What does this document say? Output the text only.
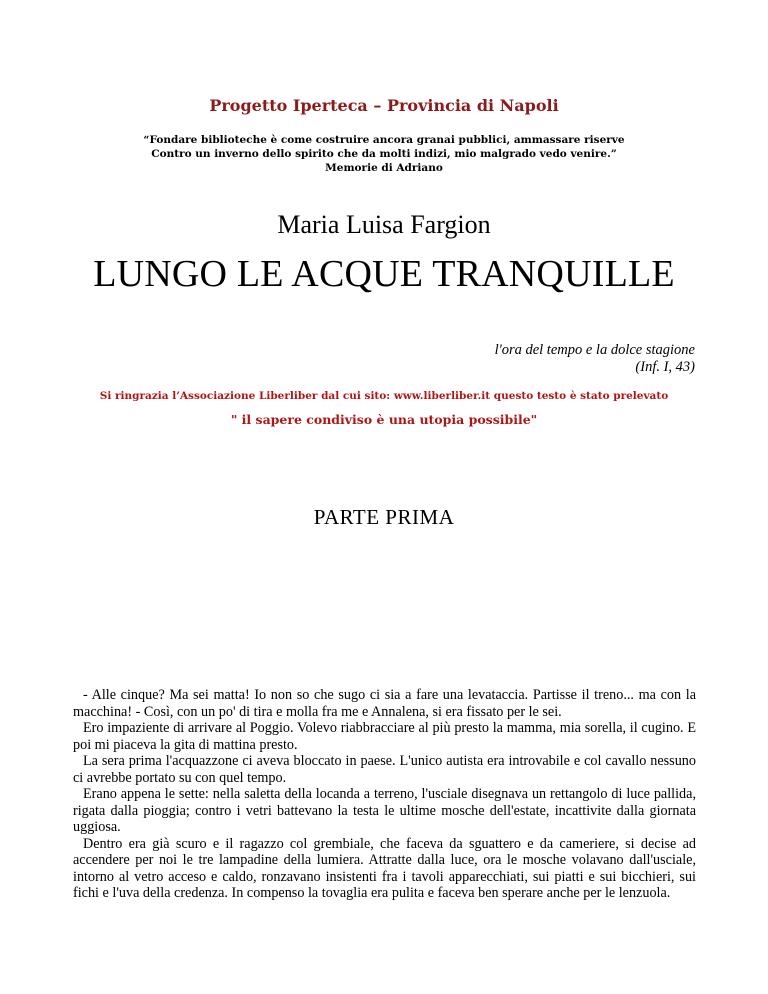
Progetto Iperteca – Provincia di Napoli
“Fondare biblioteche è come costruire ancora granai pubblici, ammassare riserve
Contro un inverno dello spirito che da molti indizi, mio malgrado vedo venire.”
Memorie di Adriano
Maria Luisa Fargion
LUNGO LE ACQUE TRANQUILLE
l'ora del tempo e la dolce stagione
(Inf. I, 43)
Si ringrazia l’Associazione Liberliber dal cui sito: www.liberliber.it questo testo è stato prelevato
" il sapere condiviso è una utopia possibile"
PARTE PRIMA

- Alle cinque? Ma sei matta! Io non so che sugo ci sia a fare una levataccia. Partisse il treno... ma con la macchina! - Così, con un po' di tira e molla fra me e Annalena, si era fissato per le sei.

Ero impaziente di arrivare al Poggio. Volevo riabbracciare al più presto la mamma, mia sorella, il cugino. E poi mi piaceva la gita di mattina presto.

La sera prima l'acquazzone ci aveva bloccato in paese. L'unico autista era introvabile e col cavallo nessuno ci avrebbe portato su con quel tempo.

Erano appena le sette: nella saletta della locanda a terreno, l'usciale disegnava un rettangolo di luce pallida, rigata dalla pioggia; contro i vetri battevano la testa le ultime mosche dell'estate, incattivite dalla giornata uggiosa.

Dentro era già scuro e il ragazzo col grembiale, che faceva da sguattero e da cameriere, si decise ad accendere per noi le tre lampadine della lumiera. Attratte dalla luce, ora le mosche volavano dall'usciale, intorno al vetro acceso e caldo, ronzavano insistenti fra i tavoli apparecchiati, sui piatti e sui bicchieri, sui fichi e l'uva della credenza. In compenso la tovaglia era pulita e faceva ben sperare anche per le lenzuola.
